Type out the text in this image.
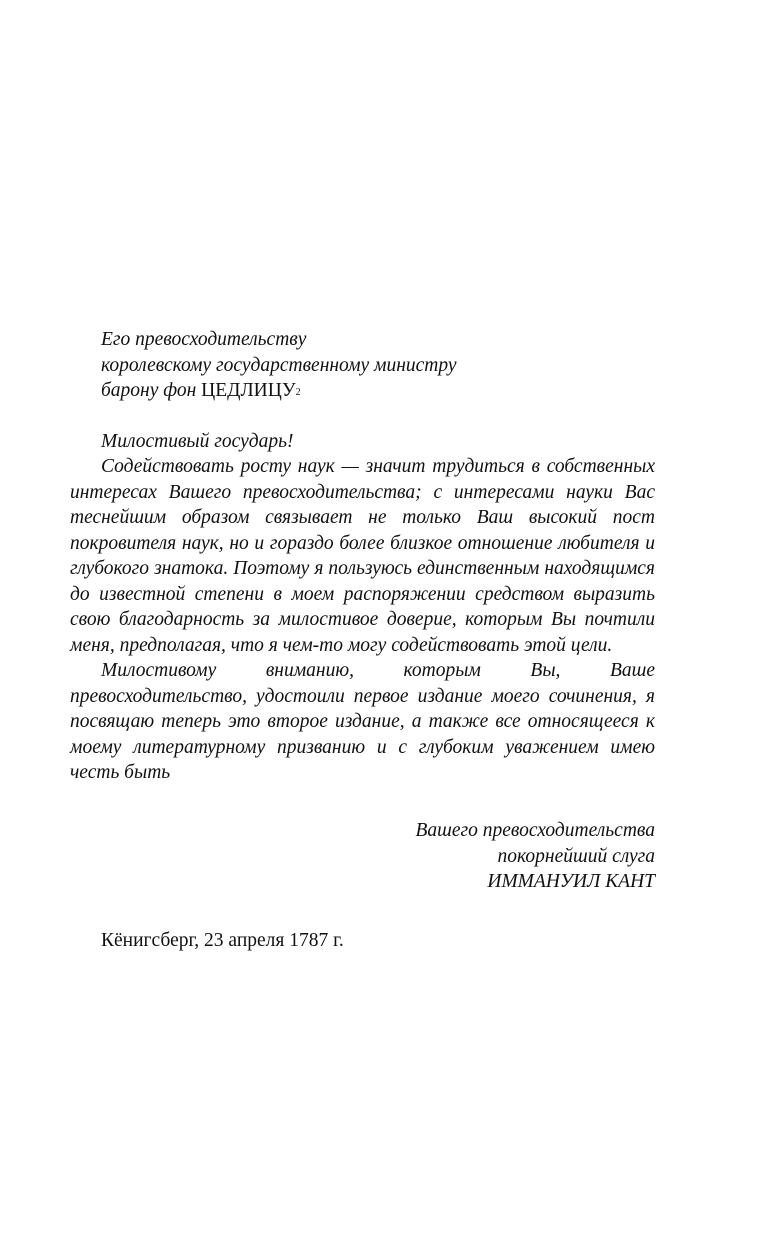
Его превосходительству
королевскому государственному министру
барону фон ЦЕДЛИЦУ$^2$
Милостивый государь!

Содействовать росту наук — значит трудиться в собственных интересах Вашего превосходительства; с интересами науки Вас теснейшим образом связывает не только Ваш высокий пост покровителя наук, но и гораздо более близкое отношение любителя и глубокого знатока. Поэтому я пользуюсь единственным находящимся до известной степени в моем распоряжении средством выразить свою благодарность за милостивое доверие, которым Вы почтили меня, предполагая, что я чем-то могу содействовать этой цели.

Милостивому вниманию, которым Вы, Ваше превосходительство, удостоили первое издание моего сочинения, я посвящаю теперь это второе издание, а также все относящееся к моему литературному призванию и с глубоким уважением имею честь быть

Вашего превосходительства
покорнейший слуга
ИММАНУИЛ КАНТ
Кёнигсберг, 23 апреля 1787 г.
